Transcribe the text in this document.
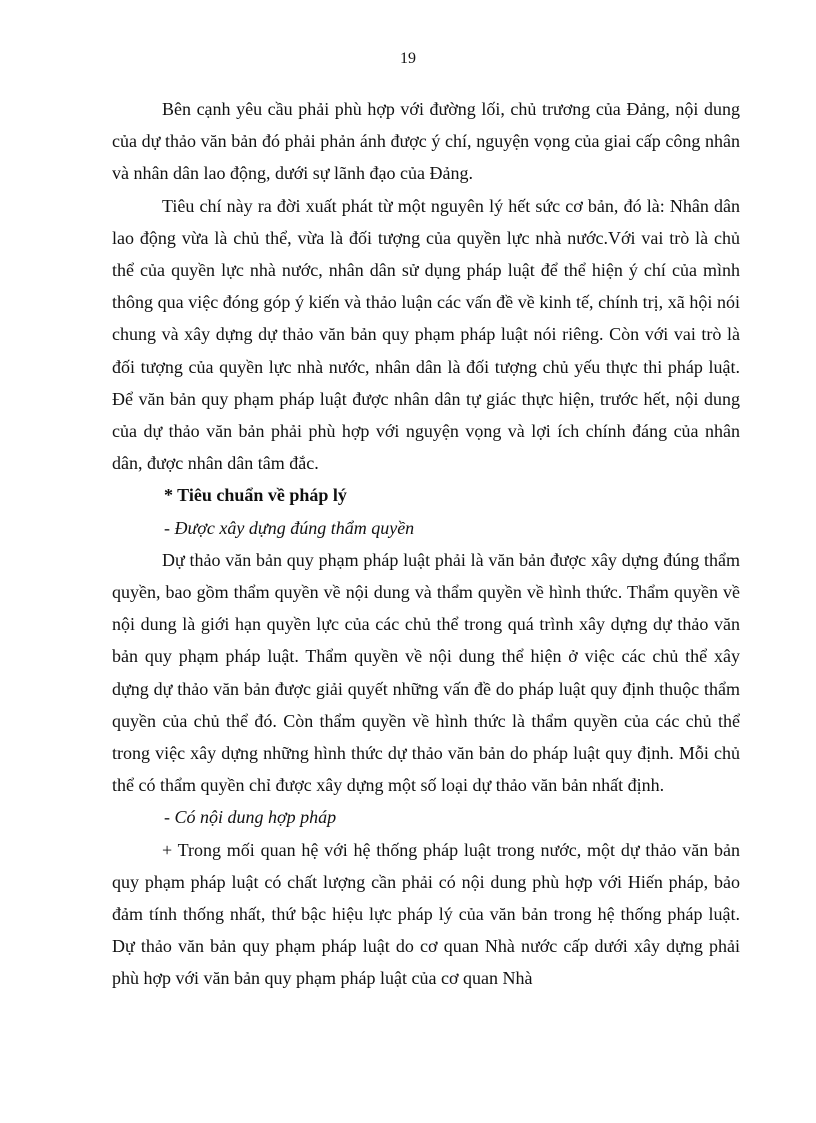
19

Bên cạnh yêu cầu phải phù hợp với đường lối, chủ trương của Đảng, nội dung của dự thảo văn bản đó phải phản ánh được ý chí, nguyện vọng của giai cấp công nhân và nhân dân lao động, dưới sự lãnh đạo của Đảng.

Tiêu chí này ra đời xuất phát từ một nguyên lý hết sức cơ bản, đó là: Nhân dân lao động vừa là chủ thể, vừa là đối tượng của quyền lực nhà nước.Với vai trò là chủ thể của quyền lực nhà nước, nhân dân sử dụng pháp luật để thể hiện ý chí của mình thông qua việc đóng góp ý kiến và thảo luận các vấn đề về kinh tế, chính trị, xã hội nói chung và xây dựng dự thảo văn bản quy phạm pháp luật nói riêng. Còn với vai trò là đối tượng của quyền lực nhà nước, nhân dân là đối tượng chủ yếu thực thi pháp luật. Để văn bản quy phạm pháp luật được nhân dân tự giác thực hiện, trước hết, nội dung của dự thảo văn bản phải phù hợp với nguyện vọng và lợi ích chính đáng của nhân dân, được nhân dân tâm đắc.

* Tiêu chuẩn về pháp lý

- Được xây dựng đúng thẩm quyền

Dự thảo văn bản quy phạm pháp luật phải là văn bản được xây dựng đúng thẩm quyền, bao gồm thẩm quyền về nội dung và thẩm quyền về hình thức. Thẩm quyền về nội dung là giới hạn quyền lực của các chủ thể trong quá trình xây dựng dự thảo văn bản quy phạm pháp luật. Thẩm quyền về nội dung thể hiện ở việc các chủ thể xây dựng dự thảo văn bản được giải quyết những vấn đề do pháp luật quy định thuộc thẩm quyền của chủ thể đó. Còn thẩm quyền về hình thức là thẩm quyền của các chủ thể trong việc xây dựng những hình thức dự thảo văn bản do pháp luật quy định. Mỗi chủ thể có thẩm quyền chỉ được xây dựng một số loại dự thảo văn bản nhất định.

- Có nội dung hợp pháp

+ Trong mối quan hệ với hệ thống pháp luật trong nước, một dự thảo văn bản quy phạm pháp luật có chất lượng cần phải có nội dung phù hợp với Hiến pháp, bảo đảm tính thống nhất, thứ bậc hiệu lực pháp lý của văn bản trong hệ thống pháp luật. Dự thảo văn bản quy phạm pháp luật do cơ quan Nhà nước cấp dưới xây dựng phải phù hợp với văn bản quy phạm pháp luật của cơ quan Nhà
